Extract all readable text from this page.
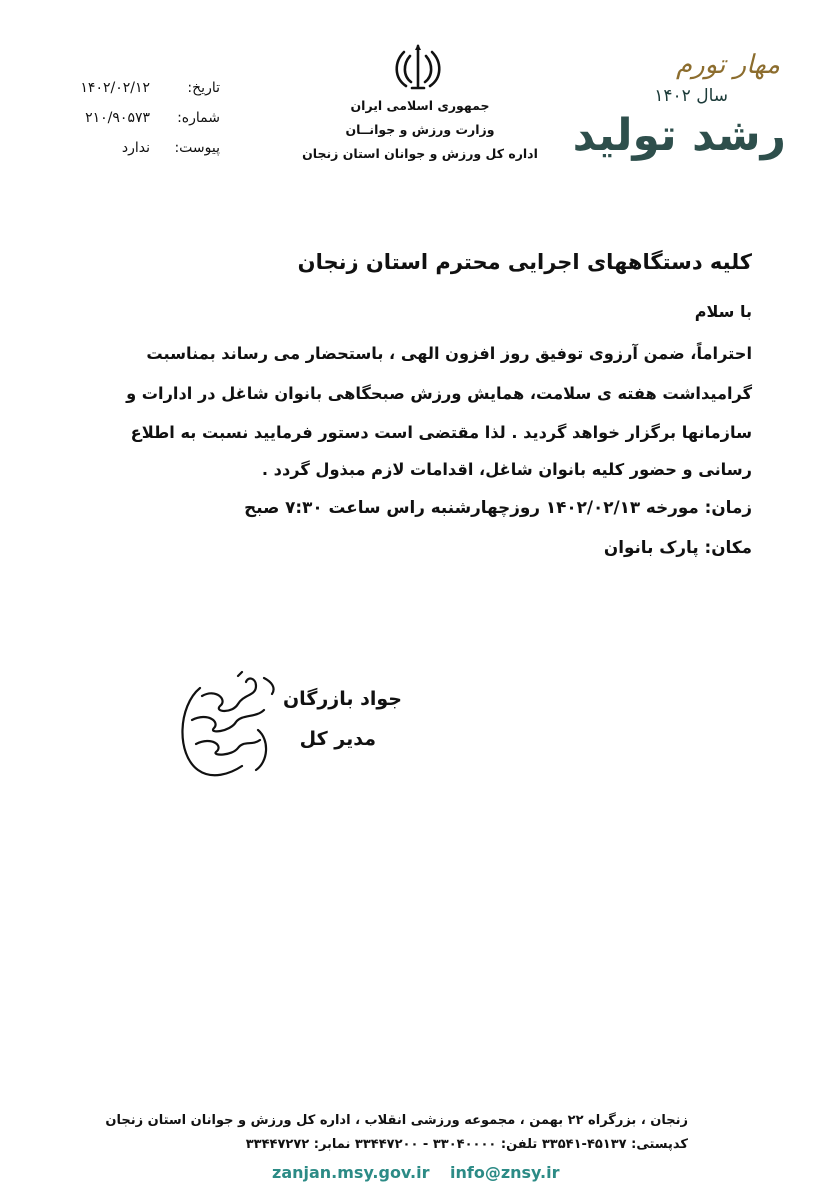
مهار تورم
سال ۱۴۰۲
رشد تولید
جمهوری اسلامی ایران
وزارت ورزش و جوانــان
اداره کل ورزش و جوانان استان زنجان
تاریخ:
۱۴۰۲/۰۲/۱۲
شماره:
۲۱۰/۹۰۵۷۳
پیوست:
ندارد
کلیه دستگاههای اجرایی محترم استان زنجان
با سلام
احتراماً، ضمن آرزوی توفیق روز افزون الهی ، باستحضار می رساند بمناسبت
گرامیداشت هفته ی سلامت، همایش ورزش صبحگاهی بانوان شاغل در ادارات و
سازمانها برگزار خواهد گردید . لذا مقتضی است دستور فرمایید نسبت به اطلاع
رسانی و حضور کلیه بانوان شاغل، اقدامات لازم مبذول گردد .
زمان: مورخه ۱۴۰۲/۰۲/۱۳ روزچهارشنبه راس ساعت ۷:۳۰ صبح
مکان: پارک بانوان
جواد بازرگان
مدیر کل
زنجان ، بزرگراه ۲۲ بهمن ، مجموعه ورزشی انقلاب ، اداره کل ورزش و جوانان استان زنجان
کدپستی: ۴۵۱۳۷-۳۳۵۴۱ تلفن: ۳۳۰۴۰۰۰۰ - ۳۳۴۴۷۲۰۰ نمابر: ۳۳۴۴۷۲۷۲
zanjan.msy.gov.ir info@znsy.ir
